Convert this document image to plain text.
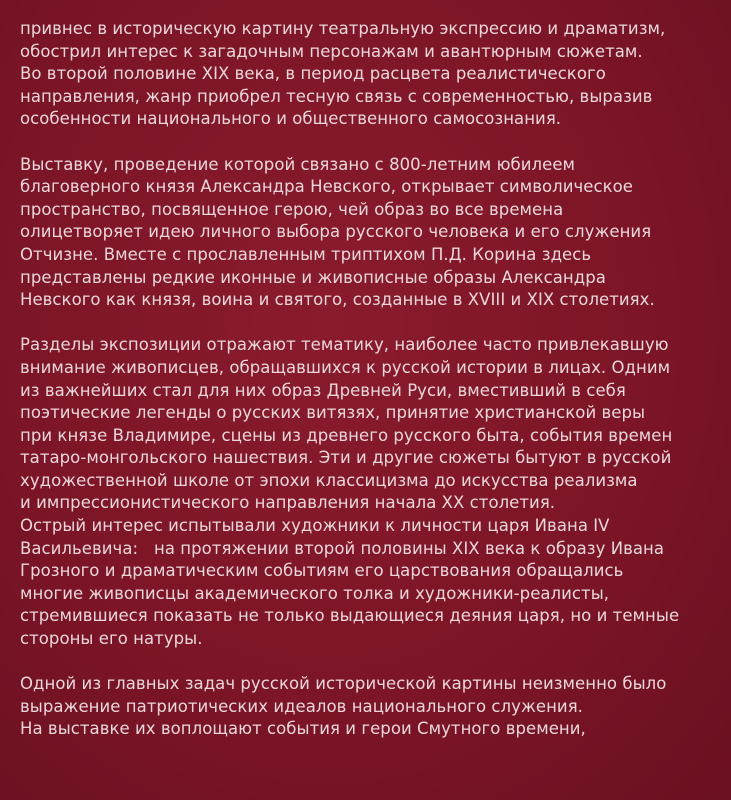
привнес в историческую картину театральную экспрессию и драматизм,
обострил интерес к загадочным персонажам и авантюрным сюжетам.
Во второй половине XIX века, в период расцвета реалистического
направления, жанр приобрел тесную связь с современностью, выразив
особенности национального и общественного самосознания.

Выставку, проведение которой связано с 800-летним юбилеем
благоверного князя Александра Невского, открывает символическое
пространство, посвященное герою, чей образ во все времена
олицетворяет идею личного выбора русского человека и его служения
Отчизне. Вместе с прославленным триптихом П.Д. Корина здесь
представлены редкие иконные и живописные образы Александра
Невского как князя, воина и святого, созданные в XVIII и XIX столетиях.

Разделы экспозиции отражают тематику, наиболее часто привлекавшую
внимание живописцев, обращавшихся к русской истории в лицах. Одним
из важнейших стал для них образ Древней Руси, вместивший в себя
поэтические легенды о русских витязях, принятие христианской веры
при князе Владимире, сцены из древнего русского быта, события времен
татаро-монгольского нашествия. Эти и другие сюжеты бытуют в русской
художественной школе от эпохи классицизма до искусства реализма
и импрессионистического направления начала XX столетия.

Острый интерес испытывали художники к личности царя Ивана IV
Васильевича:   на протяжении второй половины XIX века к образу Ивана
Грозного и драматическим событиям его царствования обращались
многие живописцы академического толка и художники-реалисты,
стремившиеся показать не только выдающиеся деяния царя, но и темные
стороны его натуры.

Одной из главных задач русской исторической картины неизменно было
выражение патриотических идеалов национального служения.

На выставке их воплощают события и герои Смутного времени,
